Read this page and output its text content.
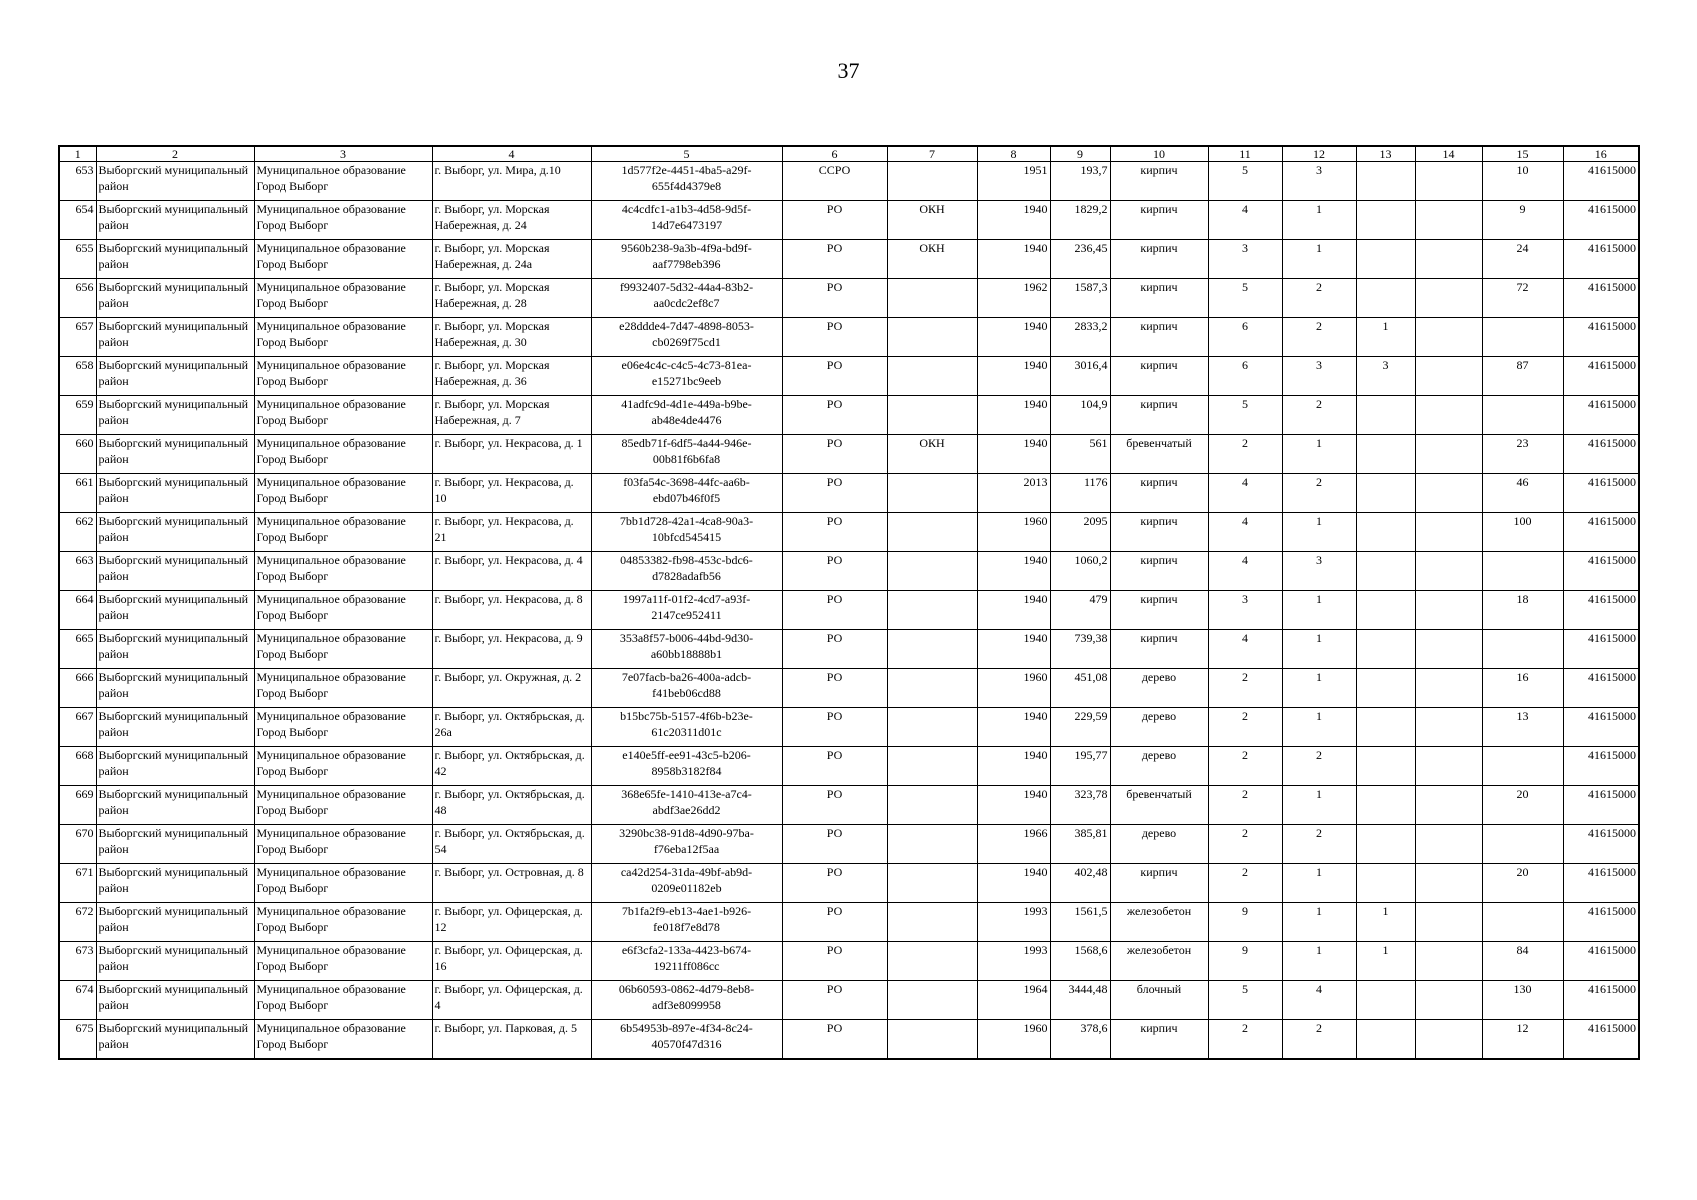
37
1	2	3	4	5	6	7	8	9	10	11	12	13	14	15	16
653	Выборгский муниципальный район	Муниципальное образование Город Выборг	г. Выборг, ул. Мира, д.10	1d577f2e-4451-4ba5-a29f-655f4d4379e8	ССРО		1951	193,7	кирпич	5	3			10	41615000
654	Выборгский муниципальный район	Муниципальное образование Город Выборг	г. Выборг, ул. Морская Набережная, д. 24	4c4cdfc1-a1b3-4d58-9d5f-14d7e6473197	РО	ОКН	1940	1829,2	кирпич	4	1			9	41615000
655	Выборгский муниципальный район	Муниципальное образование Город Выборг	г. Выборг, ул. Морская Набережная, д. 24а	9560b238-9a3b-4f9a-bd9f-aaf7798eb396	РО	ОКН	1940	236,45	кирпич	3	1			24	41615000
656	Выборгский муниципальный район	Муниципальное образование Город Выборг	г. Выборг, ул. Морская Набережная, д. 28	f9932407-5d32-44a4-83b2-aa0cdc2ef8c7	РО		1962	1587,3	кирпич	5	2			72	41615000
657	Выборгский муниципальный район	Муниципальное образование Город Выборг	г. Выборг, ул. Морская Набережная, д. 30	e28ddde4-7d47-4898-8053-cb0269f75cd1	РО		1940	2833,2	кирпич	6	2	1			41615000
658	Выборгский муниципальный район	Муниципальное образование Город Выборг	г. Выборг, ул. Морская Набережная, д. 36	e06e4c4c-c4c5-4c73-81ea-e15271bc9eeb	РО		1940	3016,4	кирпич	6	3	3		87	41615000
659	Выборгский муниципальный район	Муниципальное образование Город Выборг	г. Выборг, ул. Морская Набережная, д. 7	41adfc9d-4d1e-449a-b9be-ab48e4de4476	РО		1940	104,9	кирпич	5	2				41615000
660	Выборгский муниципальный район	Муниципальное образование Город Выборг	г. Выборг, ул. Некрасова, д. 1	85edb71f-6df5-4a44-946e-00b81f6b6fa8	РО	ОКН	1940	561	бревенчатый	2	1			23	41615000
661	Выборгский муниципальный район	Муниципальное образование Город Выборг	г. Выборг, ул. Некрасова, д. 10	f03fa54c-3698-44fc-aa6b-ebd07b46f0f5	РО		2013	1176	кирпич	4	2			46	41615000
662	Выборгский муниципальный район	Муниципальное образование Город Выборг	г. Выборг, ул. Некрасова, д. 21	7bb1d728-42a1-4ca8-90a3-10bfcd545415	РО		1960	2095	кирпич	4	1			100	41615000
663	Выборгский муниципальный район	Муниципальное образование Город Выборг	г. Выборг, ул. Некрасова, д. 4	04853382-fb98-453c-bdc6-d7828adafb56	РО		1940	1060,2	кирпич	4	3				41615000
664	Выборгский муниципальный район	Муниципальное образование Город Выборг	г. Выборг, ул. Некрасова, д. 8	1997a11f-01f2-4cd7-a93f-2147ce952411	РО		1940	479	кирпич	3	1			18	41615000
665	Выборгский муниципальный район	Муниципальное образование Город Выборг	г. Выборг, ул. Некрасова, д. 9	353a8f57-b006-44bd-9d30-a60bb18888b1	РО		1940	739,38	кирпич	4	1				41615000
666	Выборгский муниципальный район	Муниципальное образование Город Выборг	г. Выборг, ул. Окружная, д. 2	7e07facb-ba26-400a-adcb-f41beb06cd88	РО		1960	451,08	дерево	2	1			16	41615000
667	Выборгский муниципальный район	Муниципальное образование Город Выборг	г. Выборг, ул. Октябрьская, д. 26а	b15bc75b-5157-4f6b-b23e-61c20311d01c	РО		1940	229,59	дерево	2	1			13	41615000
668	Выборгский муниципальный район	Муниципальное образование Город Выборг	г. Выборг, ул. Октябрьская, д. 42	e140e5ff-ee91-43c5-b206-8958b3182f84	РО		1940	195,77	дерево	2	2				41615000
669	Выборгский муниципальный район	Муниципальное образование Город Выборг	г. Выборг, ул. Октябрьская, д. 48	368e65fe-1410-413e-a7c4-abdf3ae26dd2	РО		1940	323,78	бревенчатый	2	1			20	41615000
670	Выборгский муниципальный район	Муниципальное образование Город Выборг	г. Выборг, ул. Октябрьская, д. 54	3290bc38-91d8-4d90-97ba-f76eba12f5aa	РО		1966	385,81	дерево	2	2				41615000
671	Выборгский муниципальный район	Муниципальное образование Город Выборг	г. Выборг, ул. Островная, д. 8	ca42d254-31da-49bf-ab9d-0209e01182eb	РО		1940	402,48	кирпич	2	1			20	41615000
672	Выборгский муниципальный район	Муниципальное образование Город Выборг	г. Выборг, ул. Офицерская, д. 12	7b1fa2f9-eb13-4ae1-b926-fe018f7e8d78	РО		1993	1561,5	железобетон	9	1	1			41615000
673	Выборгский муниципальный район	Муниципальное образование Город Выборг	г. Выборг, ул. Офицерская, д. 16	e6f3cfa2-133a-4423-b674-19211ff086cc	РО		1993	1568,6	железобетон	9	1	1		84	41615000
674	Выборгский муниципальный район	Муниципальное образование Город Выборг	г. Выборг, ул. Офицерская, д. 4	06b60593-0862-4d79-8eb8-adf3e8099958	РО		1964	3444,48	блочный	5	4			130	41615000
675	Выборгский муниципальный район	Муниципальное образование Город Выборг	г. Выборг, ул. Парковая, д. 5	6b54953b-897e-4f34-8c24-40570f47d316	РО		1960	378,6	кирпич	2	2			12	41615000
